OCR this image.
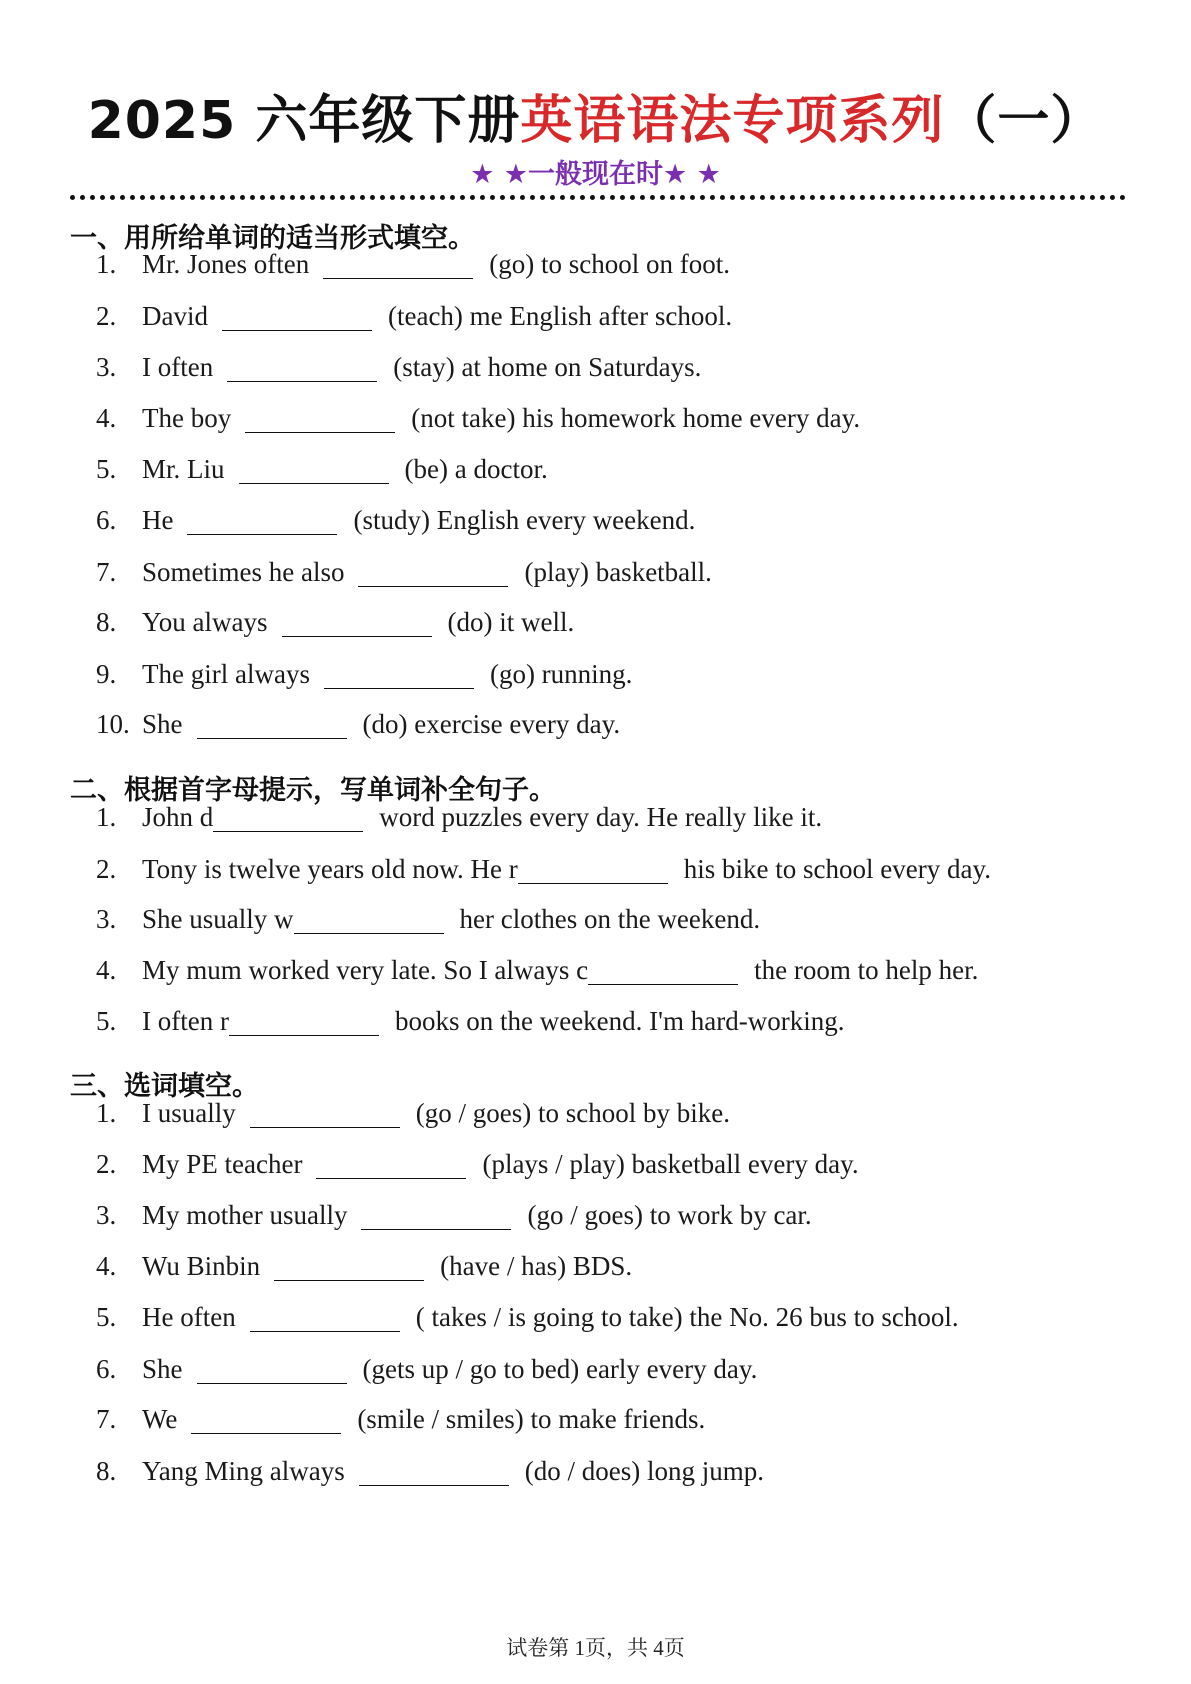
2025 六年级下册英语语法专项系列（一）
★ ★一般现在时★ ★
一、用所给单词的适当形式填空。
1. Mr. Jones often	(go) to school on foot.
2. David	(teach) me English after school.
3. I often	(stay) at home on Saturdays.
4. The boy	(not take) his homework home every day.
5. Mr. Liu	(be) a doctor.
6. He	(study) English every weekend.
7. Sometimes he also	(play) basketball.
8. You always	(do) it well.
9. The girl always	(go) running.
10. She	(do) exercise every day.
二、根据首字母提示，写单词补全句子。
1. John d	word puzzles every day. He really like it.
2. Tony is twelve years old now. He r	his bike to school every day.
3. She usually w	her clothes on the weekend.
4. My mum worked very late. So I always c	the room to help her.
5. I often r	books on the weekend. I'm hard-working.
三、选词填空。
1. I usually	(go / goes) to school by bike.
2. My PE teacher	(plays / play) basketball every day.
3. My mother usually	(go / goes) to work by car.
4. Wu Binbin	(have / has) BDS.
5. He often	( takes / is going to take) the No. 26 bus to school.
6. She	(gets up / go to bed) early every day.
7. We	(smile / smiles) to make friends.
8. Yang Ming always	(do / does) long jump.
试卷第 1页，共 4页
